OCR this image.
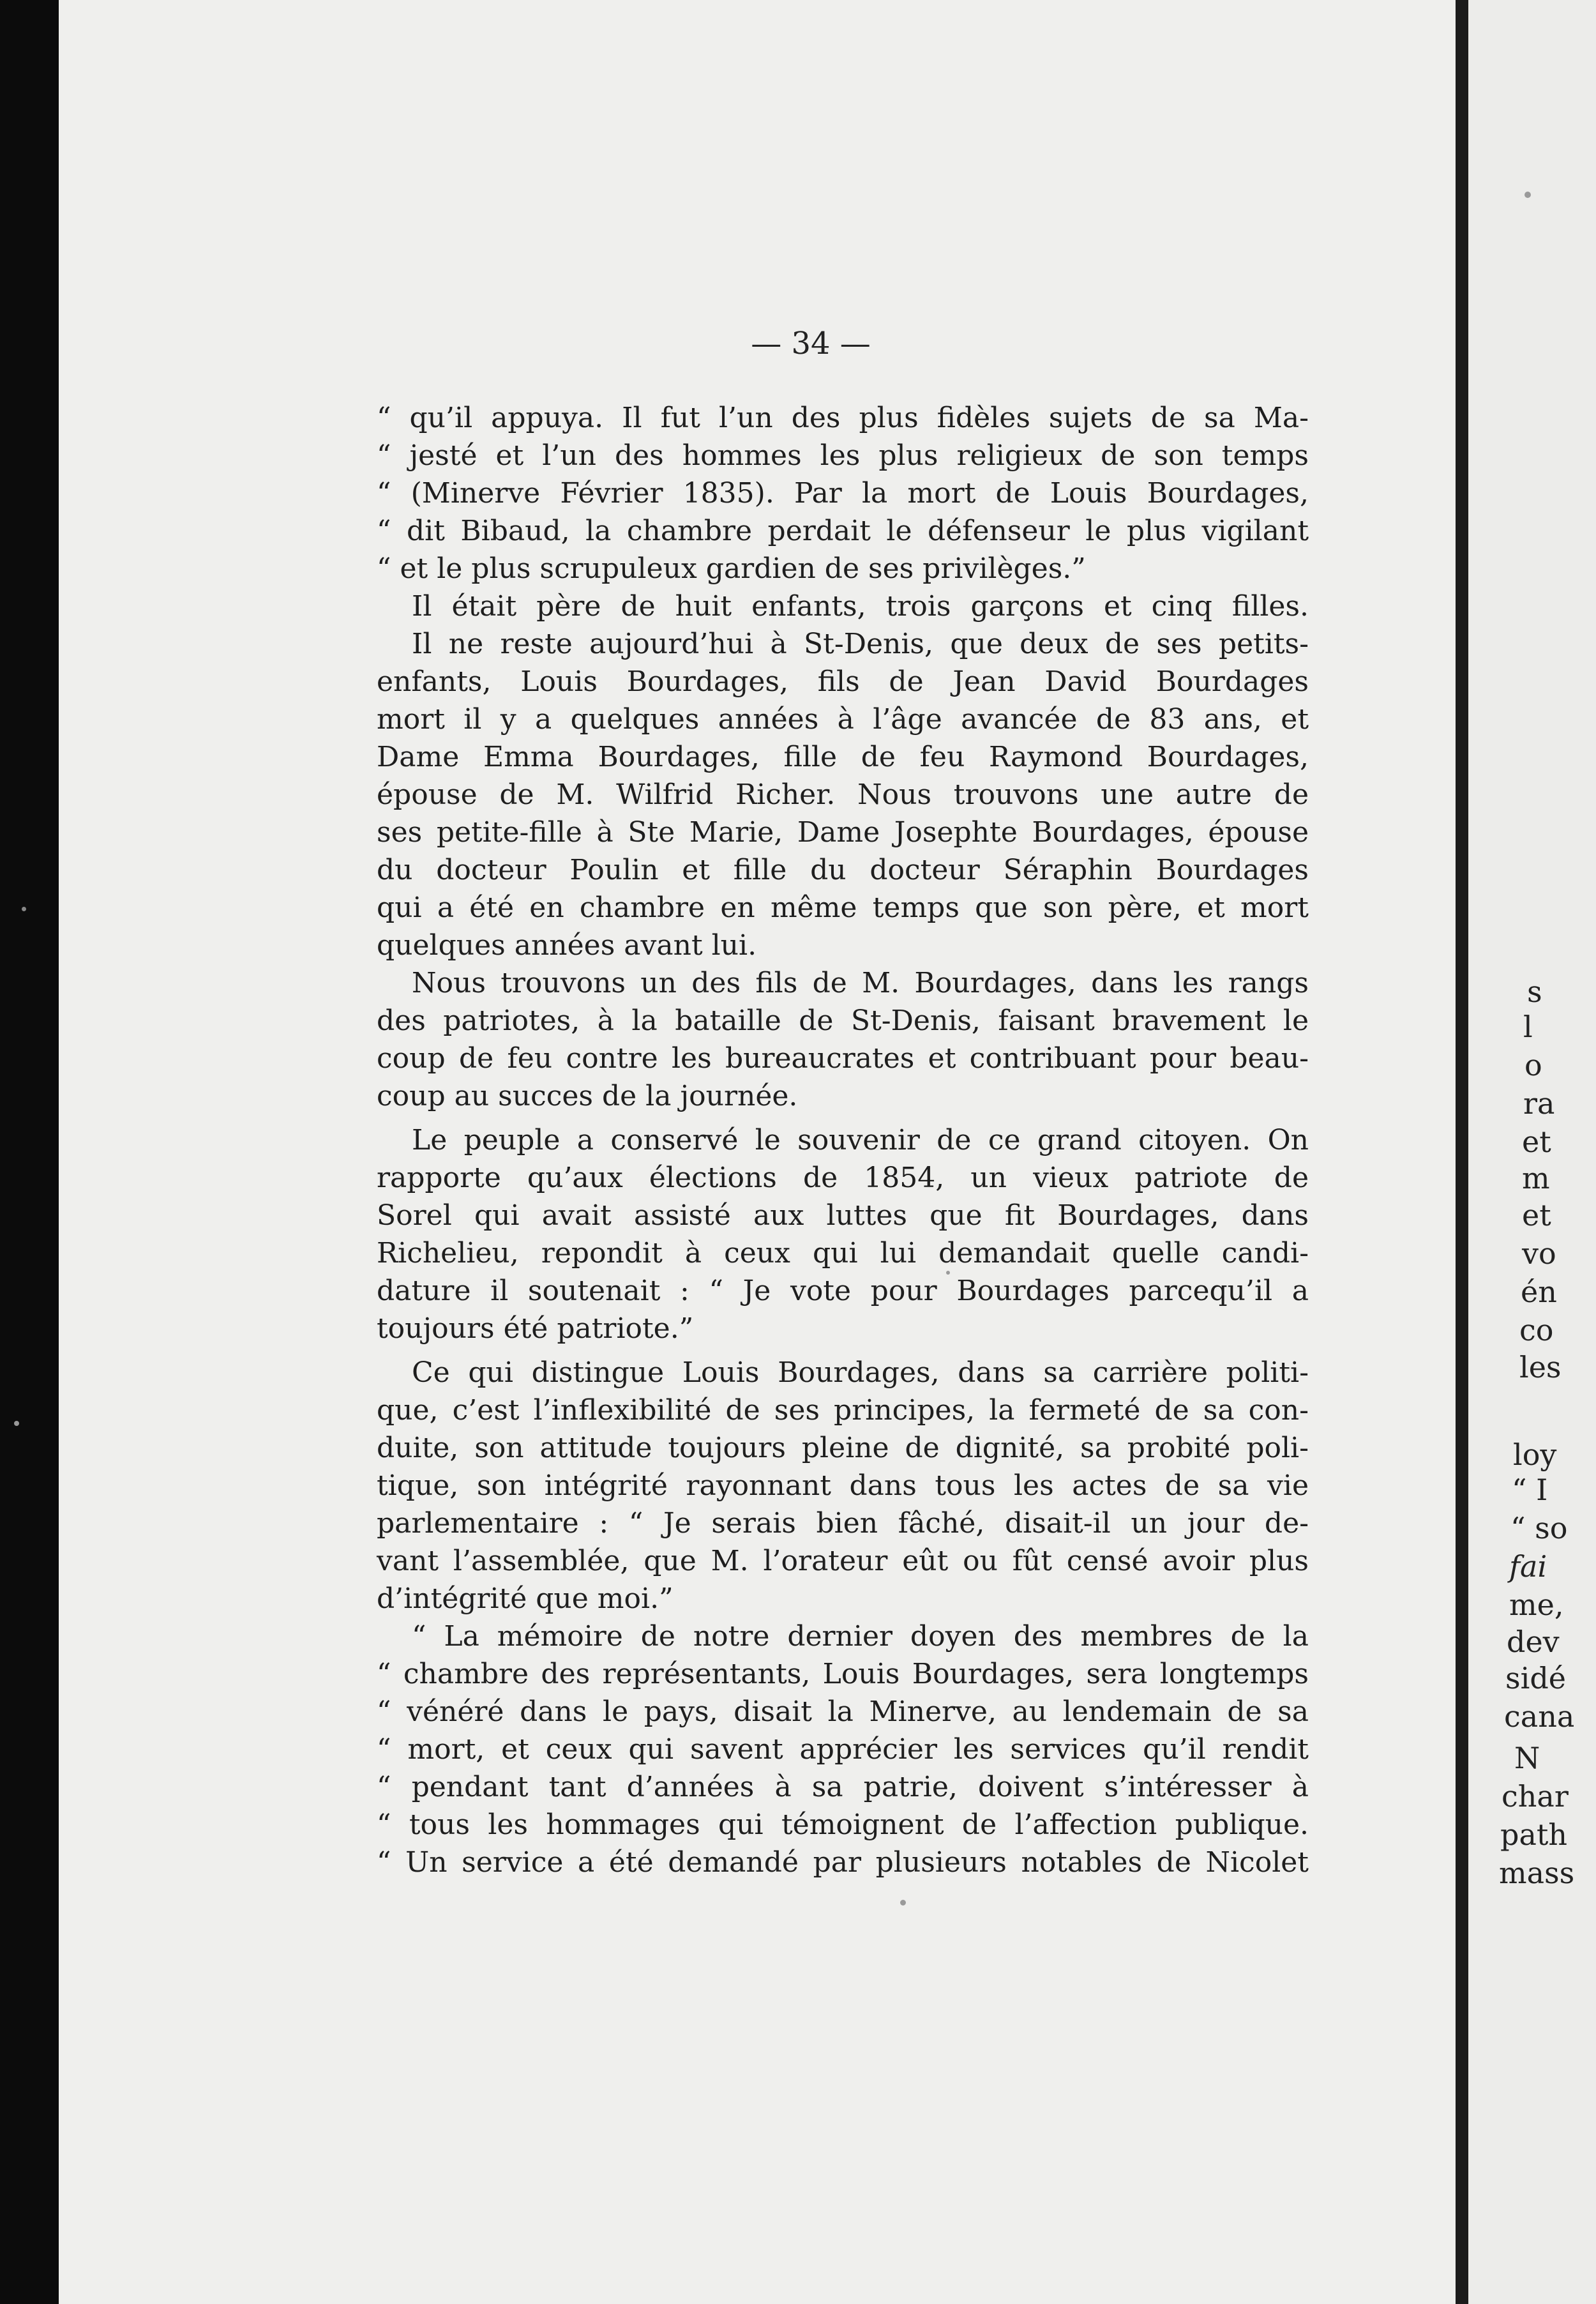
s
l
o
ra
et
m
et
vo
én
co
les
loy
“ I
“ so
fai
me,
dev
sidé
cana
N
char
path
mass
— 34 —
“ qu’il appuya. Il fut l’un des plus fidèles sujets de sa Ma-
“ jesté et l’un des hommes les plus religieux de son temps
“ (Minerve Février 1835). Par la mort de Louis Bourdages,
“ dit Bibaud, la chambre perdait le défenseur le plus vigilant
“ et le plus scrupuleux gardien de ses privilèges.”
Il était père de huit enfants, trois garçons et cinq filles.
Il ne reste aujourd’hui à St-Denis, que deux de ses petits-
enfants, Louis Bourdages, fils de Jean David Bourdages
mort il y a quelques années à l’âge avancée de 83 ans, et
Dame Emma Bourdages, fille de feu Raymond Bourdages,
épouse de M. Wilfrid Richer. Nous trouvons une autre de
ses petite-fille à Ste Marie, Dame Josephte Bourdages, épouse
du docteur Poulin et fille du docteur Séraphin Bourdages
qui a été en chambre en même temps que son père, et mort
quelques années avant lui.
Nous trouvons un des fils de M. Bourdages, dans les rangs
des patriotes, à la bataille de St-Denis, faisant bravement le
coup de feu contre les bureaucrates et contribuant pour beau-
coup au succes de la journée.
Le peuple a conservé le souvenir de ce grand citoyen. On
rapporte qu’aux élections de 1854, un vieux patriote de
Sorel qui avait assisté aux luttes que fit Bourdages, dans
Richelieu, repondit à ceux qui lui demandait quelle candi-
dature il soutenait : “ Je vote pour Bourdages parcequ’il a
toujours été patriote.”
Ce qui distingue Louis Bourdages, dans sa carrière politi-
que, c’est l’inflexibilité de ses principes, la fermeté de sa con-
duite, son attitude toujours pleine de dignité, sa probité poli-
tique, son intégrité rayonnant dans tous les actes de sa vie
parlementaire : “ Je serais bien fâché, disait-il un jour de-
vant l’assemblée, que M. l’orateur eût ou fût censé avoir plus
d’intégrité que moi.”
“ La mémoire de notre dernier doyen des membres de la
“ chambre des représentants, Louis Bourdages, sera longtemps
“ vénéré dans le pays, disait la Minerve, au lendemain de sa
“ mort, et ceux qui savent apprécier les services qu’il rendit
“ pendant tant d’années à sa patrie, doivent s’intéresser à
“ tous les hommages qui témoignent de l’affection publique.
“ Un service a été demandé par plusieurs notables de Nicolet
